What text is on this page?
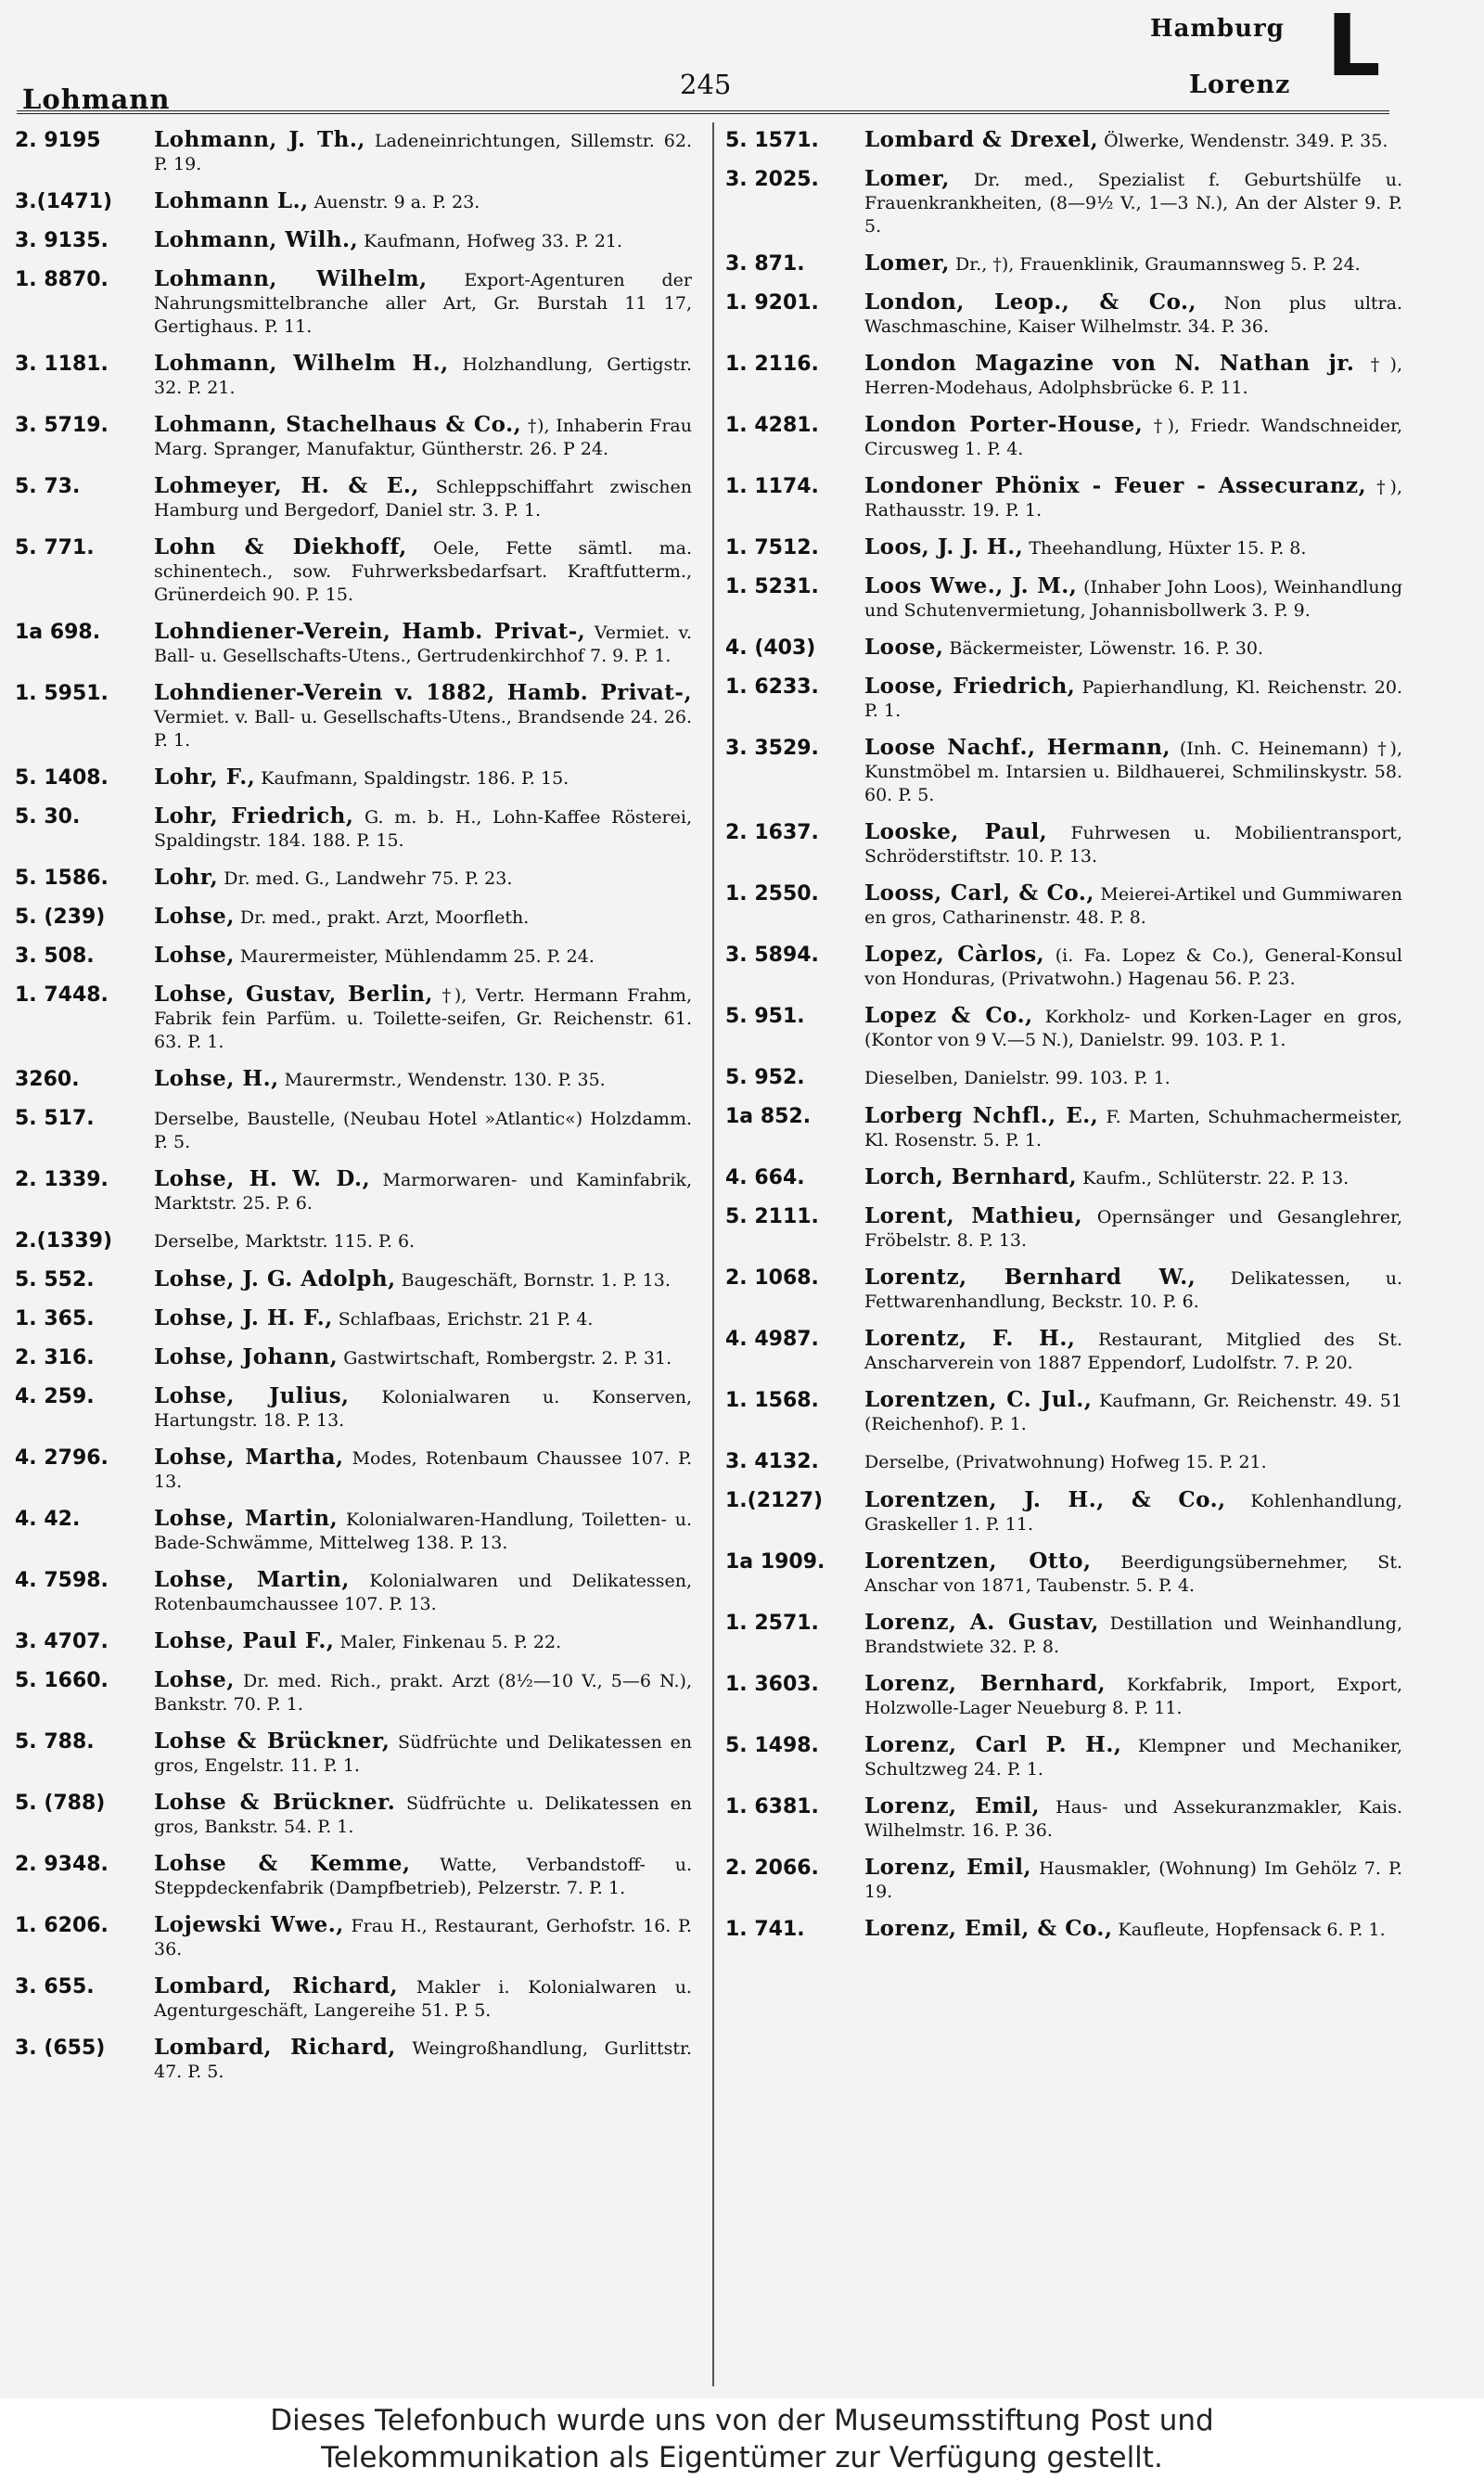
Lohmann	245
Hamburg
Lorenz L
2. 9195	Lohmann, J. Th., Ladeneinrichtungen, Sillemstr. 62. P. 19.
3.(1471)	Lohmann L., Auenstr. 9 a. P. 23.
3. 9135.	Lohmann, Wilh., Kaufmann, Hofweg 33. P. 21.
1. 8870.	Lohmann, Wilhelm, Export-Agenturen der Nahrungsmittelbranche aller Art, Gr. Burstah 11 17, Gertighaus. P. 11.
3. 1181.	Lohmann, Wilhelm H., Holzhandlung, Gertigstr. 32. P. 21.
3. 5719.	Lohmann, Stachelhaus & Co., †), Inhaberin Frau Marg. Spranger, Manufaktur, Güntherstr. 26. P 24.
5. 73.	Lohmeyer, H. & E., Schleppschiffahrt zwischen Hamburg und Bergedorf, Daniel str. 3. P. 1.
5. 771.	Lohn & Diekhoff, Oele, Fette sämtl. ma. schinentech., sow. Fuhrwerksbedarfsart. Kraftfutterm., Grünerdeich 90. P. 15.
1a 698.	Lohndiener-Verein, Hamb. Privat-, Vermiet. v. Ball- u. Gesellschafts-Utens., Gertrudenkirchhof 7. 9. P. 1.
1. 5951.	Lohndiener-Verein v. 1882, Hamb. Privat-, Vermiet. v. Ball- u. Gesellschafts-Utens., Brandsende 24. 26. P. 1.
5. 1408.	Lohr, F., Kaufmann, Spaldingstr. 186. P. 15.
5. 30.	Lohr, Friedrich, G. m. b. H., Lohn-Kaffee Rösterei, Spaldingstr. 184. 188. P. 15.
5. 1586.	Lohr, Dr. med. G., Landwehr 75. P. 23.
5. (239)	Lohse, Dr. med., prakt. Arzt, Moorfleth.
3. 508.	Lohse, Maurermeister, Mühlendamm 25. P. 24.
1. 7448.	Lohse, Gustav, Berlin, †), Vertr. Hermann Frahm, Fabrik fein Parfüm. u. Toilette-seifen, Gr. Reichenstr. 61. 63. P. 1.
3260.	Lohse, H., Maurermstr., Wendenstr. 130. P. 35.
5. 517.	Derselbe, Baustelle, (Neubau Hotel »Atlantic«) Holzdamm. P. 5.
2. 1339.	Lohse, H. W. D., Marmorwaren- und Kaminfabrik, Marktstr. 25. P. 6.
2.(1339)	Derselbe, Marktstr. 115. P. 6.
5. 552.	Lohse, J. G. Adolph, Baugeschäft, Bornstr. 1. P. 13.
1. 365.	Lohse, J. H. F., Schlafbaas, Erichstr. 21 P. 4.
2. 316.	Lohse, Johann, Gastwirtschaft, Rombergstr. 2. P. 31.
4. 259.	Lohse, Julius, Kolonialwaren u. Konserven, Hartungstr. 18. P. 13.
4. 2796.	Lohse, Martha, Modes, Rotenbaum Chaussee 107. P. 13.
4. 42.	Lohse, Martin, Kolonialwaren-Handlung, Toiletten- u. Bade-Schwämme, Mittelweg 138. P. 13.
4. 7598.	Lohse, Martin, Kolonialwaren und Delikatessen, Rotenbaumchaussee 107. P. 13.
3. 4707.	Lohse, Paul F., Maler, Finkenau 5. P. 22.
5. 1660.	Lohse, Dr. med. Rich., prakt. Arzt (8½—10 V., 5—6 N.), Bankstr. 70. P. 1.
5. 788.	Lohse & Brückner, Südfrüchte und Delikatessen en gros, Engelstr. 11. P. 1.
5. (788)	Lohse & Brückner. Südfrüchte u. Delikatessen en gros, Bankstr. 54. P. 1.
2. 9348.	Lohse & Kemme, Watte, Verbandstoff- u. Steppdeckenfabrik (Dampfbetrieb), Pelzerstr. 7. P. 1.
1. 6206.	Lojewski Wwe., Frau H., Restaurant, Gerhofstr. 16. P. 36.
3. 655.	Lombard, Richard, Makler i. Kolonialwaren u. Agenturgeschäft, Langereihe 51. P. 5.
3. (655)	Lombard, Richard, Weingroßhandlung, Gurlittstr. 47. P. 5.
5. 1571.	Lombard & Drexel, Ölwerke, Wendenstr. 349. P. 35.
3. 2025.	Lomer, Dr. med., Spezialist f. Geburtshülfe u. Frauenkrankheiten, (8—9½ V., 1—3 N.), An der Alster 9. P. 5.
3. 871.	Lomer, Dr., †), Frauenklinik, Graumannsweg 5. P. 24.
1. 9201.	London, Leop., & Co., Non plus ultra. Waschmaschine, Kaiser Wilhelmstr. 34. P. 36.
1. 2116.	London Magazine von N. Nathan jr. †), Herren-Modehaus, Adolphsbrücke 6. P. 11.
1. 4281.	London Porter-House, †), Friedr. Wandschneider, Circusweg 1. P. 4.
1. 1174.	Londoner Phönix - Feuer - Assecuranz, †), Rathausstr. 19. P. 1.
1. 7512.	Loos, J. J. H., Theehandlung, Hüxter 15. P. 8.
1. 5231.	Loos Wwe., J. M., (Inhaber John Loos), Weinhandlung und Schutenvermietung, Johannisbollwerk 3. P. 9.
4. (403)	Loose, Bäckermeister, Löwenstr. 16. P. 30.
1. 6233.	Loose, Friedrich, Papierhandlung, Kl. Reichenstr. 20. P. 1.
3. 3529.	Loose Nachf., Hermann, (Inh. C. Heinemann) †), Kunstmöbel m. Intarsien u. Bildhauerei, Schmilinskystr. 58. 60. P. 5.
2. 1637.	Looske, Paul, Fuhrwesen u. Mobilientransport, Schröderstiftstr. 10. P. 13.
1. 2550.	Looss, Carl, & Co., Meierei-Artikel und Gummiwaren en gros, Catharinenstr. 48. P. 8.
3. 5894.	Lopez, Càrlos, (i. Fa. Lopez & Co.), General-Konsul von Honduras, (Privatwohn.) Hagenau 56. P. 23.
5. 951.	Lopez & Co., Korkholz- und Korken-Lager en gros, (Kontor von 9 V.—5 N.), Danielstr. 99. 103. P. 1.
5. 952.	Dieselben, Danielstr. 99. 103. P. 1.
1a 852.	Lorberg Nchfl., E., F. Marten, Schuhmachermeister, Kl. Rosenstr. 5. P. 1.
4. 664.	Lorch, Bernhard, Kaufm., Schlüterstr. 22. P. 13.
5. 2111.	Lorent, Mathieu, Opernsänger und Gesanglehrer, Fröbelstr. 8. P. 13.
2. 1068.	Lorentz, Bernhard W., Delikatessen, u. Fettwarenhandlung, Beckstr. 10. P. 6.
4. 4987.	Lorentz, F. H., Restaurant, Mitglied des St. Anscharverein von 1887 Eppendorf, Ludolfstr. 7. P. 20.
1. 1568.	Lorentzen, C. Jul., Kaufmann, Gr. Reichenstr. 49. 51 (Reichenhof). P. 1.
3. 4132.	Derselbe, (Privatwohnung) Hofweg 15. P. 21.
1.(2127)	Lorentzen, J. H., & Co., Kohlenhandlung, Graskeller 1. P. 11.
1a 1909.	Lorentzen, Otto, Beerdigungsübernehmer, St. Anschar von 1871, Taubenstr. 5. P. 4.
1. 2571.	Lorenz, A. Gustav, Destillation und Weinhandlung, Brandstwiete 32. P. 8.
1. 3603.	Lorenz, Bernhard, Korkfabrik, Import, Export, Holzwolle-Lager Neueburg 8. P. 11.
5. 1498.	Lorenz, Carl P. H., Klempner und Mechaniker, Schultzweg 24. P. 1.
1. 6381.	Lorenz, Emil, Haus- und Assekuranzmakler, Kais. Wilhelmstr. 16. P. 36.
2. 2066.	Lorenz, Emil, Hausmakler, (Wohnung) Im Gehölz 7. P. 19.
1. 741.	Lorenz, Emil, & Co., Kaufleute, Hopfensack 6. P. 1.
Dieses Telefonbuch wurde uns von der Museumsstiftung Post und
Telekommunikation als Eigentümer zur Verfügung gestellt.
